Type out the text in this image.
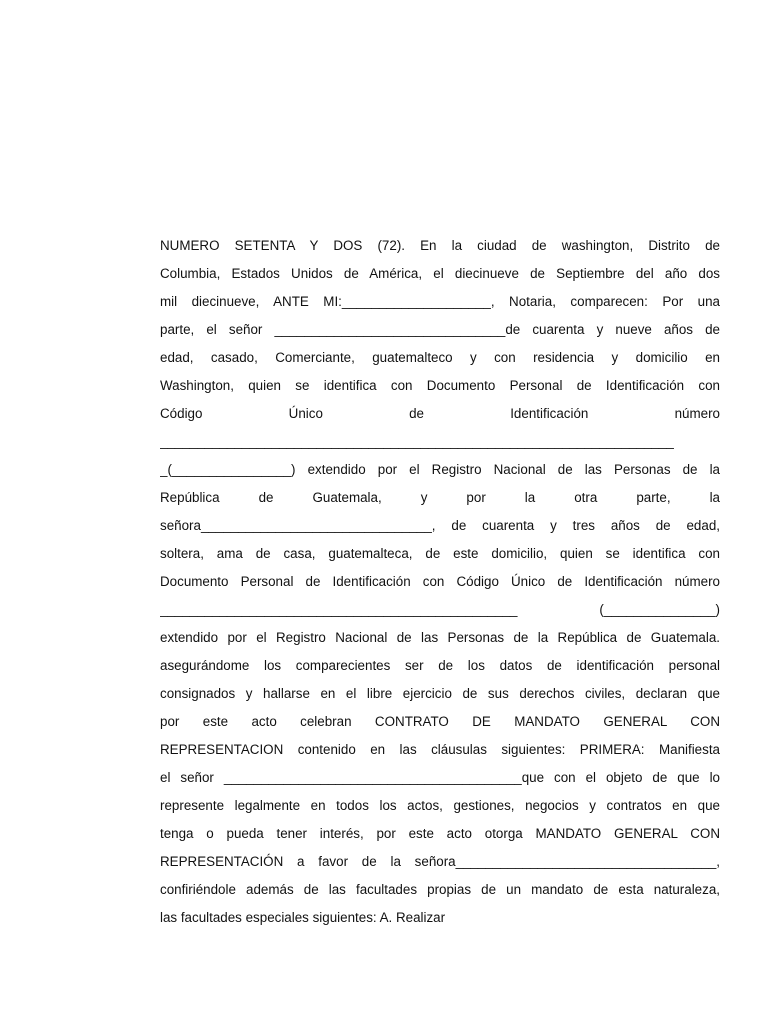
NUMERO SETENTA Y DOS (72). En la ciudad de washington, Distrito de
Columbia, Estados Unidos de América, el diecinueve de Septiembre del año dos
mil diecinueve, ANTE MI:____________________, Notaria, comparecen: Por una
parte, el señor _______________________________de cuarenta y nueve años de
edad, casado, Comerciante, guatemalteco y con residencia y domicilio en
Washington, quien se identifica con Documento Personal de Identificación con
Código Único de Identificación número
_____________________________________________________________________
_(________________) extendido por el Registro Nacional de las Personas de la
República de Guatemala, y por la otra parte, la
señora_______________________________, de cuarenta y tres años de edad,
soltera, ama de casa, guatemalteca, de este domicilio, quien se identifica con
Documento Personal de Identificación con Código Único de Identificación número
________________________________________________ (_______________)
extendido por el Registro Nacional de las Personas de la República de Guatemala.
asegurándome los comparecientes ser de los datos de identificación personal
consignados y hallarse en el libre ejercicio de sus derechos civiles, declaran que
por este acto celebran CONTRATO DE MANDATO GENERAL CON
REPRESENTACION contenido en las cláusulas siguientes: PRIMERA: Manifiesta
el señor ________________________________________que con el objeto de que lo
represente legalmente en todos los actos, gestiones, negocios y contratos en que
tenga o pueda tener interés, por este acto otorga MANDATO GENERAL CON
REPRESENTACIÓN a favor de la señora___________________________________,
confiriéndole además de las facultades propias de un mandato de esta naturaleza,
las facultades especiales siguientes: A. Realizar
